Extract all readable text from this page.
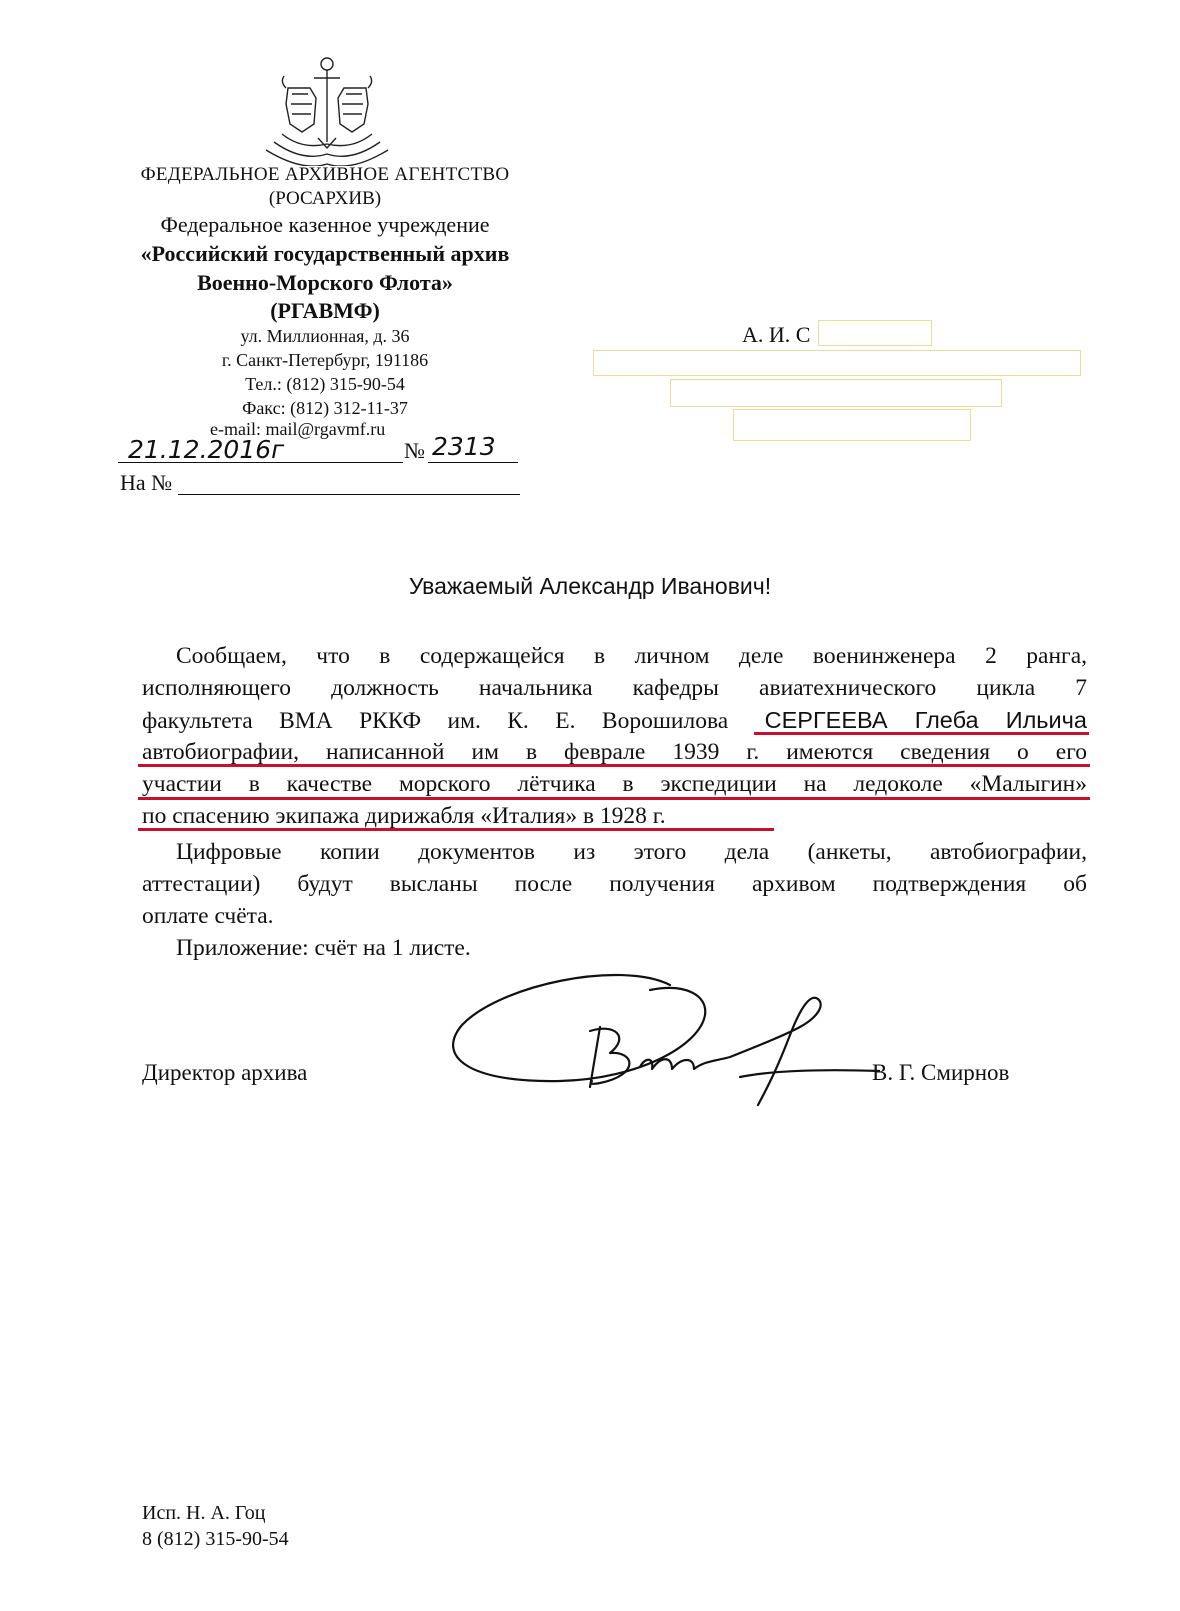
ФЕДЕРАЛЬНОЕ АРХИВНОЕ АГЕНТСТВО
(РОСАРХИВ)
Федеральное казенное учреждение
«Российский государственный архив
Военно-Морского Флота»
(РГАВМФ)
ул. Миллионная, д. 36
г. Санкт-Петербург, 191186
Тел.: (812) 315-90-54
Факс: (812) 312-11-37
e-mail: mail@rgavmf.ru
21.12.2016г	№ 2313
На №
А. И. С
Уважаемый Александр Иванович!
Сообщаем, что в содержащейся в личном деле военинженера 2 ранга,
исполняющего должность начальника кафедры авиатехнического цикла 7
факультета ВМА РККФ им. К. Е. Ворошилова СЕРГЕЕВА Глеба Ильича
автобиографии, написанной им в феврале 1939 г. имеются сведения о его
участии в качестве морского лётчика в экспедиции на ледоколе «Малыгин»
по спасению экипажа дирижабля «Италия» в 1928 г.
Цифровые копии документов из этого дела (анкеты, автобиографии,
аттестации) будут высланы после получения архивом подтверждения об
оплате счёта.
Приложение: счёт на 1 листе.
Директор архива	В. Г. Смирнов
Исп. Н. А. Гоц
8 (812) 315-90-54
